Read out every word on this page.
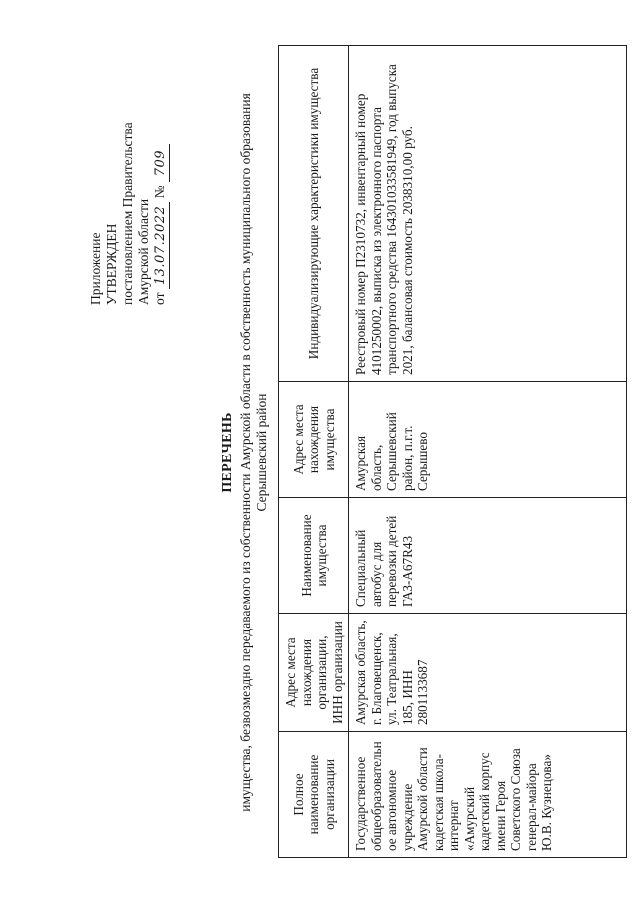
Приложение УТВЕРЖДЕН постановлением Правительства Амурской области от 13.07.2022 № 709
ПЕРЕЧЕНЬ имущества, безвозмездно передаваемого из собственности Амурской области в собственность муниципального образования Серышевский район
Полное наименование организации	Адрес места нахождения организации, ИНН организации	Наименование имущества	Адрес места нахождения имущества	Индивидуализирующие характеристики имущества
Государственное общеобразовательное автономное учреждение Амурской области кадетская школа-интернат «Амурский кадетский корпус имени Героя Советского Союза генерал-майора Ю.В. Кузнецова»	Амурская область, г. Благовещенск, ул. Театральная, 185, ИНН 2801133687	Специальный автобус для перевозки детей ГАЗ-А67R43	Амурская область, Серышевский район, п.г.т. Серышево	Реестровый номер П2310732, инвентарный номер 4101250002, выписка из электронного паспорта транспортного средства 164301033581949, год выпуска 2021, балансовая стоимость 2038310,00 руб.
